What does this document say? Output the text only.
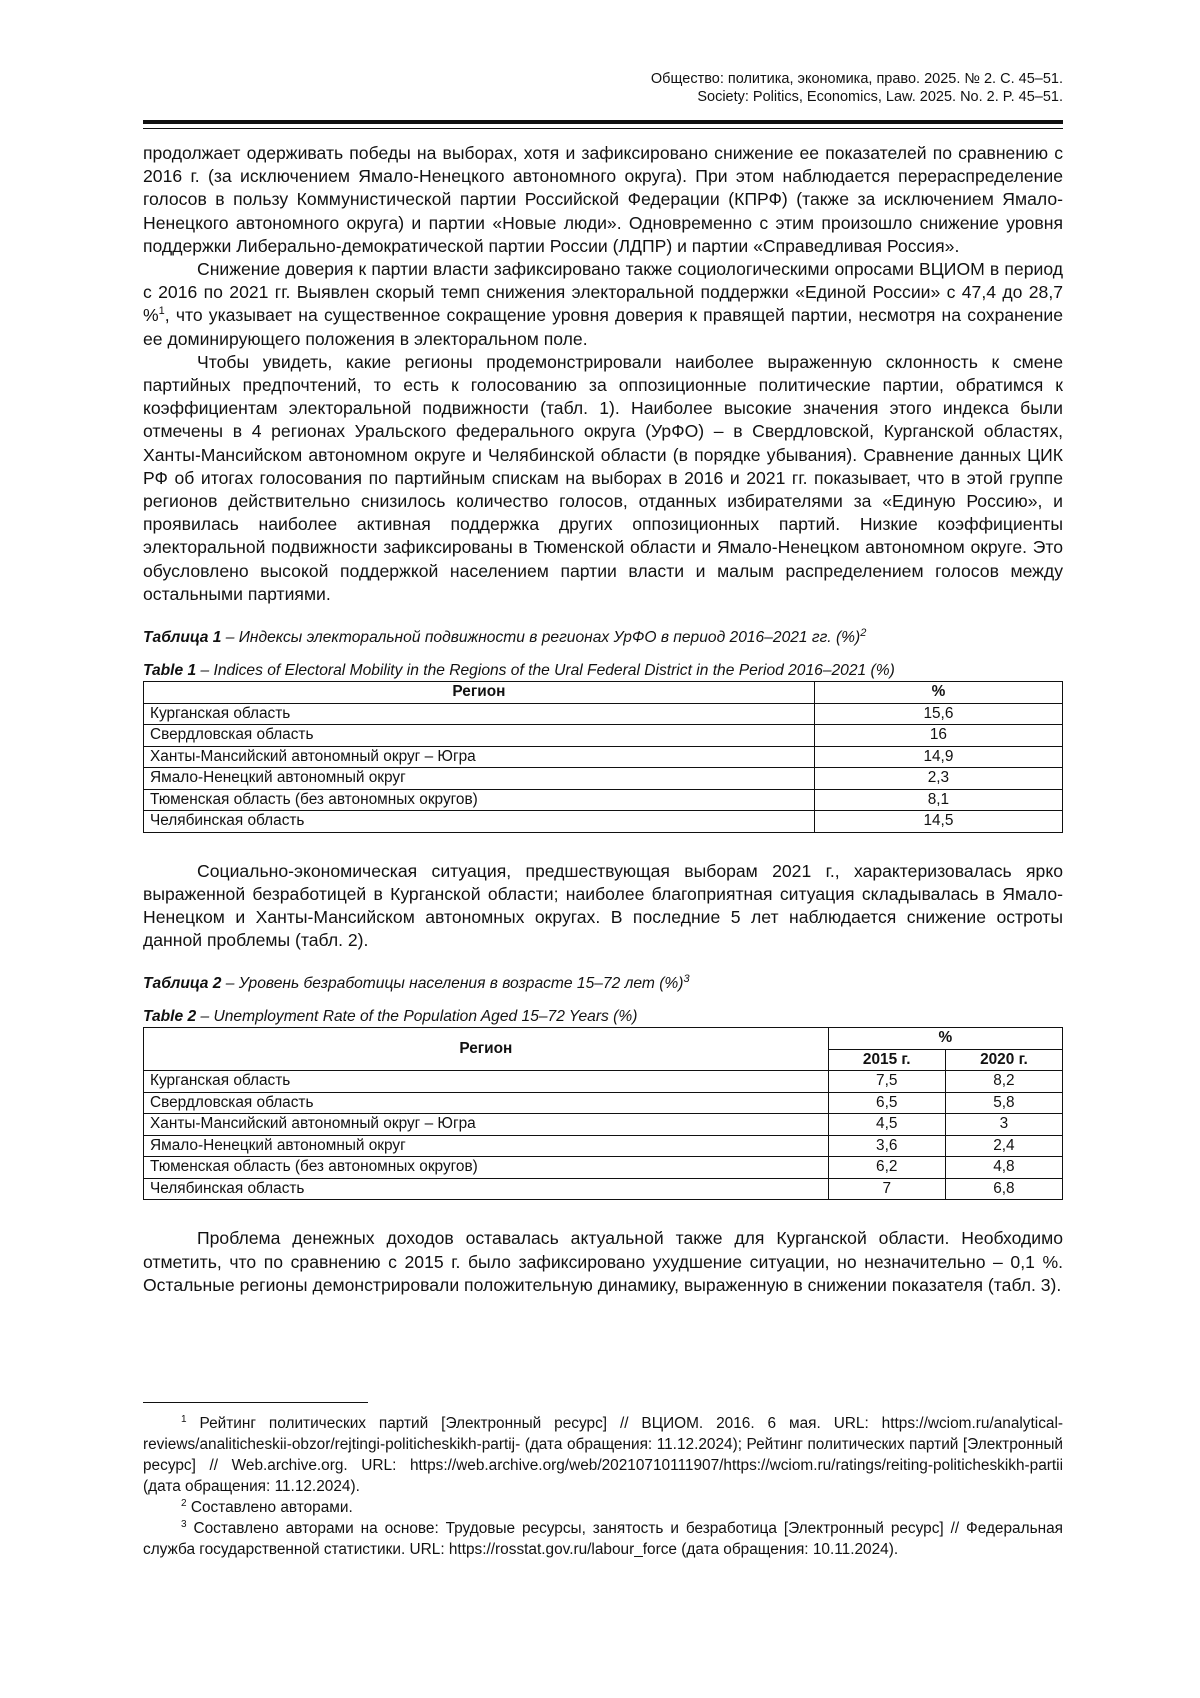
Общество: политика, экономика, право. 2025. № 2. С. 45–51.
Society: Politics, Economics, Law. 2025. No. 2. P. 45–51.

продолжает одерживать победы на выборах, хотя и зафиксировано снижение ее показателей по сравнению с 2016 г. (за исключением Ямало-Ненецкого автономного округа). При этом наблюдается перераспределение голосов в пользу Коммунистической партии Российской Федерации (КПРФ) (также за исключением Ямало-Ненецкого автономного округа) и партии «Новые люди». Одновременно с этим произошло снижение уровня поддержки Либерально-демократической партии России (ЛДПР) и партии «Справедливая Россия».

Снижение доверия к партии власти зафиксировано также социологическими опросами ВЦИОМ в период с 2016 по 2021 гг. Выявлен скорый темп снижения электоральной поддержки «Единой России» с 47,4 до 28,7 %$^1$, что указывает на существенное сокращение уровня доверия к правящей партии, несмотря на сохранение ее доминирующего положения в электоральном поле.

Чтобы увидеть, какие регионы продемонстрировали наиболее выраженную склонность к смене партийных предпочтений, то есть к голосованию за оппозиционные политические партии, обратимся к коэффициентам электоральной подвижности (табл. 1). Наиболее высокие значения этого индекса были отмечены в 4 регионах Уральского федерального округа (УрФО) – в Свердловской, Курганской областях, Ханты-Мансийском автономном округе и Челябинской области (в порядке убывания). Сравнение данных ЦИК РФ об итогах голосования по партийным спискам на выборах в 2016 и 2021 гг. показывает, что в этой группе регионов действительно снизилось количество голосов, отданных избирателями за «Единую Россию», и проявилась наиболее активная поддержка других оппозиционных партий. Низкие коэффициенты электоральной подвижности зафиксированы в Тюменской области и Ямало-Ненецком автономном округе. Это обусловлено высокой поддержкой населением партии власти и малым распределением голосов между остальными партиями.

Таблица 1 – Индексы электоральной подвижности в регионах УрФО в период 2016–2021 гг. (%)$^2$

Table 1 – Indices of Electoral Mobility in the Regions of the Ural Federal District in the Period 2016–2021 (%)

Регион	%
Курганская область	15,6
Свердловская область	16
Ханты-Мансийский автономный округ – Югра	14,9
Ямало-Ненецкий автономный округ	2,3
Тюменская область (без автономных округов)	8,1
Челябинская область	14,5

Социально-экономическая ситуация, предшествующая выборам 2021 г., характеризовалась ярко выраженной безработицей в Курганской области; наиболее благоприятная ситуация складывалась в Ямало-Ненецком и Ханты-Мансийском автономных округах. В последние 5 лет наблюдается снижение остроты данной проблемы (табл. 2).

Таблица 2 – Уровень безработицы населения в возрасте 15–72 лет (%)$^3$

Table 2 – Unemployment Rate of the Population Aged 15–72 Years (%)

Регион	%	
	2015 г.	2020 г.
Курганская область	7,5	8,2
Свердловская область	6,5	5,8
Ханты-Мансийский автономный округ – Югра	4,5	3
Ямало-Ненецкий автономный округ	3,6	2,4
Тюменская область (без автономных округов)	6,2	4,8
Челябинская область	7	6,8

Проблема денежных доходов оставалась актуальной также для Курганской области. Необходимо отметить, что по сравнению с 2015 г. было зафиксировано ухудшение ситуации, но незначительно – 0,1 %. Остальные регионы демонстрировали положительную динамику, выраженную в снижении показателя (табл. 3).

$^1$ Рейтинг политических партий [Электронный ресурс] // ВЦИОМ. 2016. 6 мая. URL: https://wciom.ru/analytical-reviews/analiticheskii-obzor/rejtingi-politicheskikh-partij- (дата обращения: 11.12.2024); Рейтинг политических партий [Электронный ресурс] // Web.archive.org. URL: https://web.archive.org/web/20210710111907/https://wciom.ru/ratings/reiting-politicheskikh-partii (дата обращения: 11.12.2024).

$^2$ Составлено авторами.

$^3$ Составлено авторами на основе: Трудовые ресурсы, занятость и безработица [Электронный ресурс] // Федеральная служба государственной статистики. URL: https://rosstat.gov.ru/labour_force (дата обращения: 10.11.2024).
